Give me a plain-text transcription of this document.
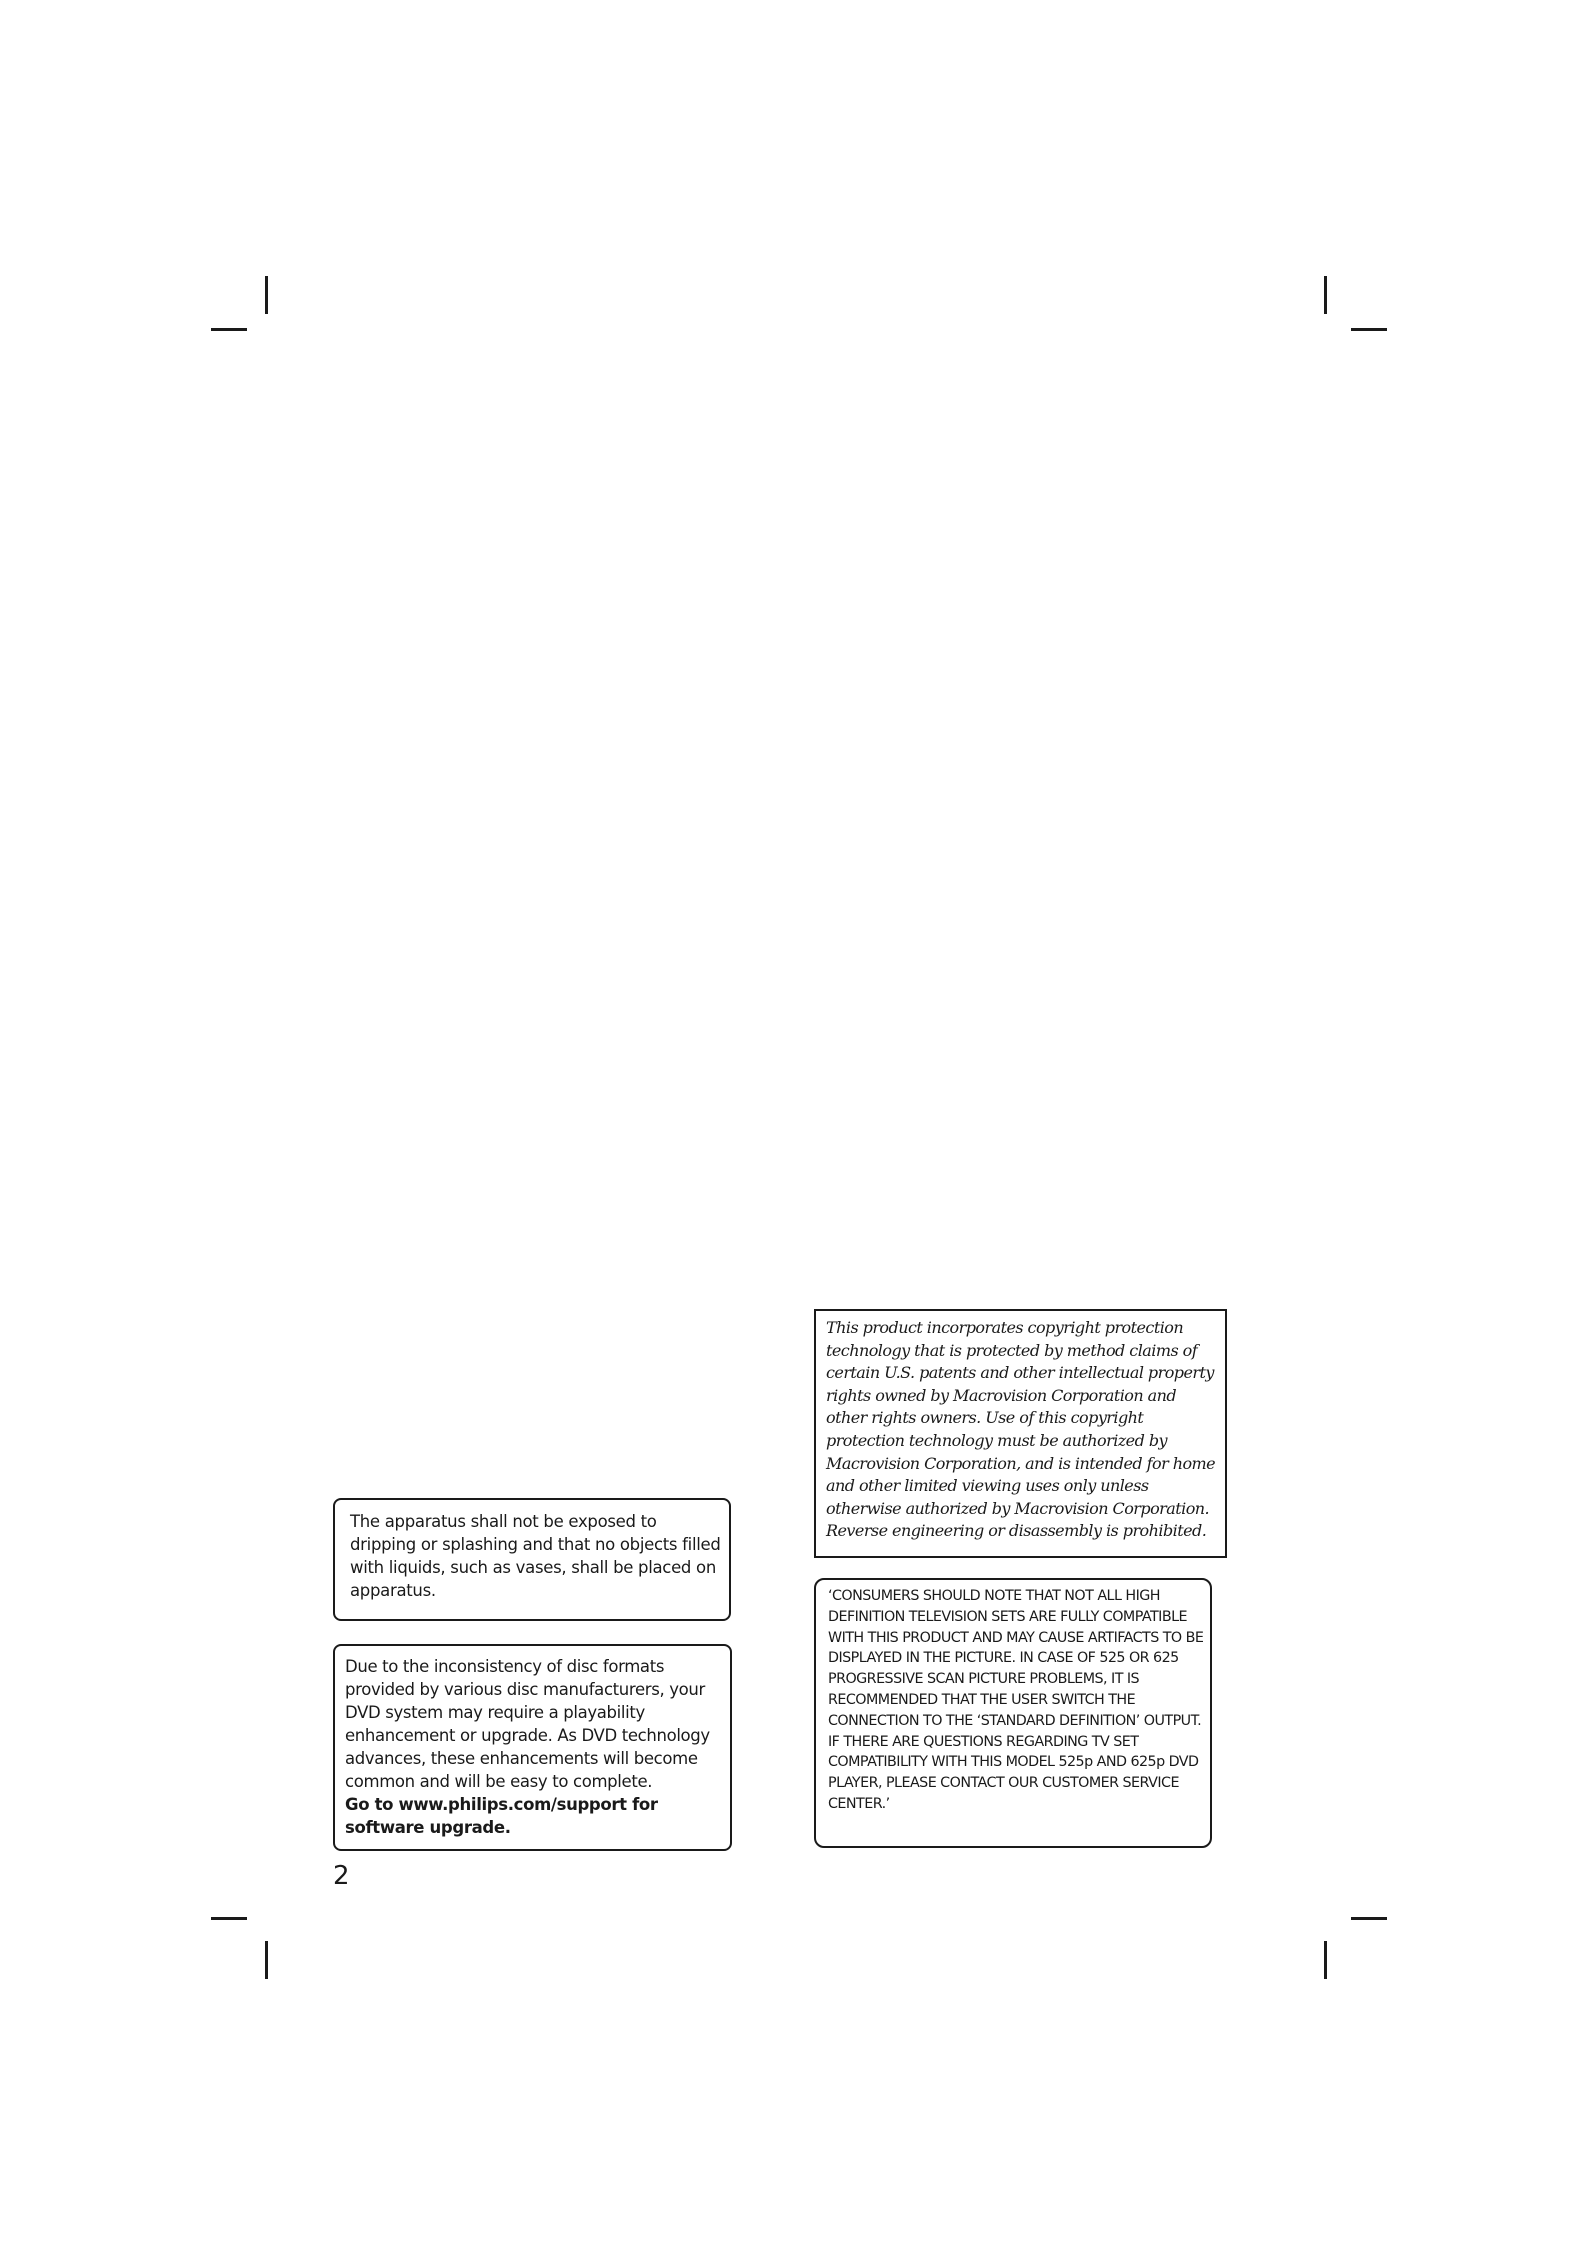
This product incorporates copyright protection technology that is protected by method claims of certain U.S. patents and other intellectual property rights owned by Macrovision Corporation and other rights owners. Use of this copyright protection technology must be authorized by Macrovision Corporation, and is intended for home and other limited viewing uses only unless otherwise authorized by Macrovision Corporation. Reverse engineering or disassembly is prohibited.

The apparatus shall not be exposed to dripping or splashing and that no objects filled with liquids, such as vases, shall be placed on apparatus.	‘CONSUMERS SHOULD NOTE THAT NOT ALL HIGH DEFINITION TELEVISION SETS ARE FULLY COMPATIBLE WITH THIS PRODUCT AND MAY CAUSE ARTIFACTS TO BE DISPLAYED IN THE PICTURE. IN CASE OF 525 OR 625 PROGRESSIVE SCAN PICTURE PROBLEMS, IT IS RECOMMENDED THAT THE USER SWITCH THE CONNECTION TO THE ‘STANDARD DEFINITION’ OUTPUT. IF THERE ARE QUESTIONS REGARDING TV SET COMPATIBILITY WITH THIS MODEL 525p AND 625p DVD PLAYER, PLEASE CONTACT OUR CUSTOMER SERVICE CENTER.’

Due to the inconsistency of disc formats provided by various disc manufacturers, your DVD system may require a playability enhancement or upgrade. As DVD technology advances, these enhancements will become common and will be easy to complete.

Go to www.philips.com/support for software upgrade.

2
